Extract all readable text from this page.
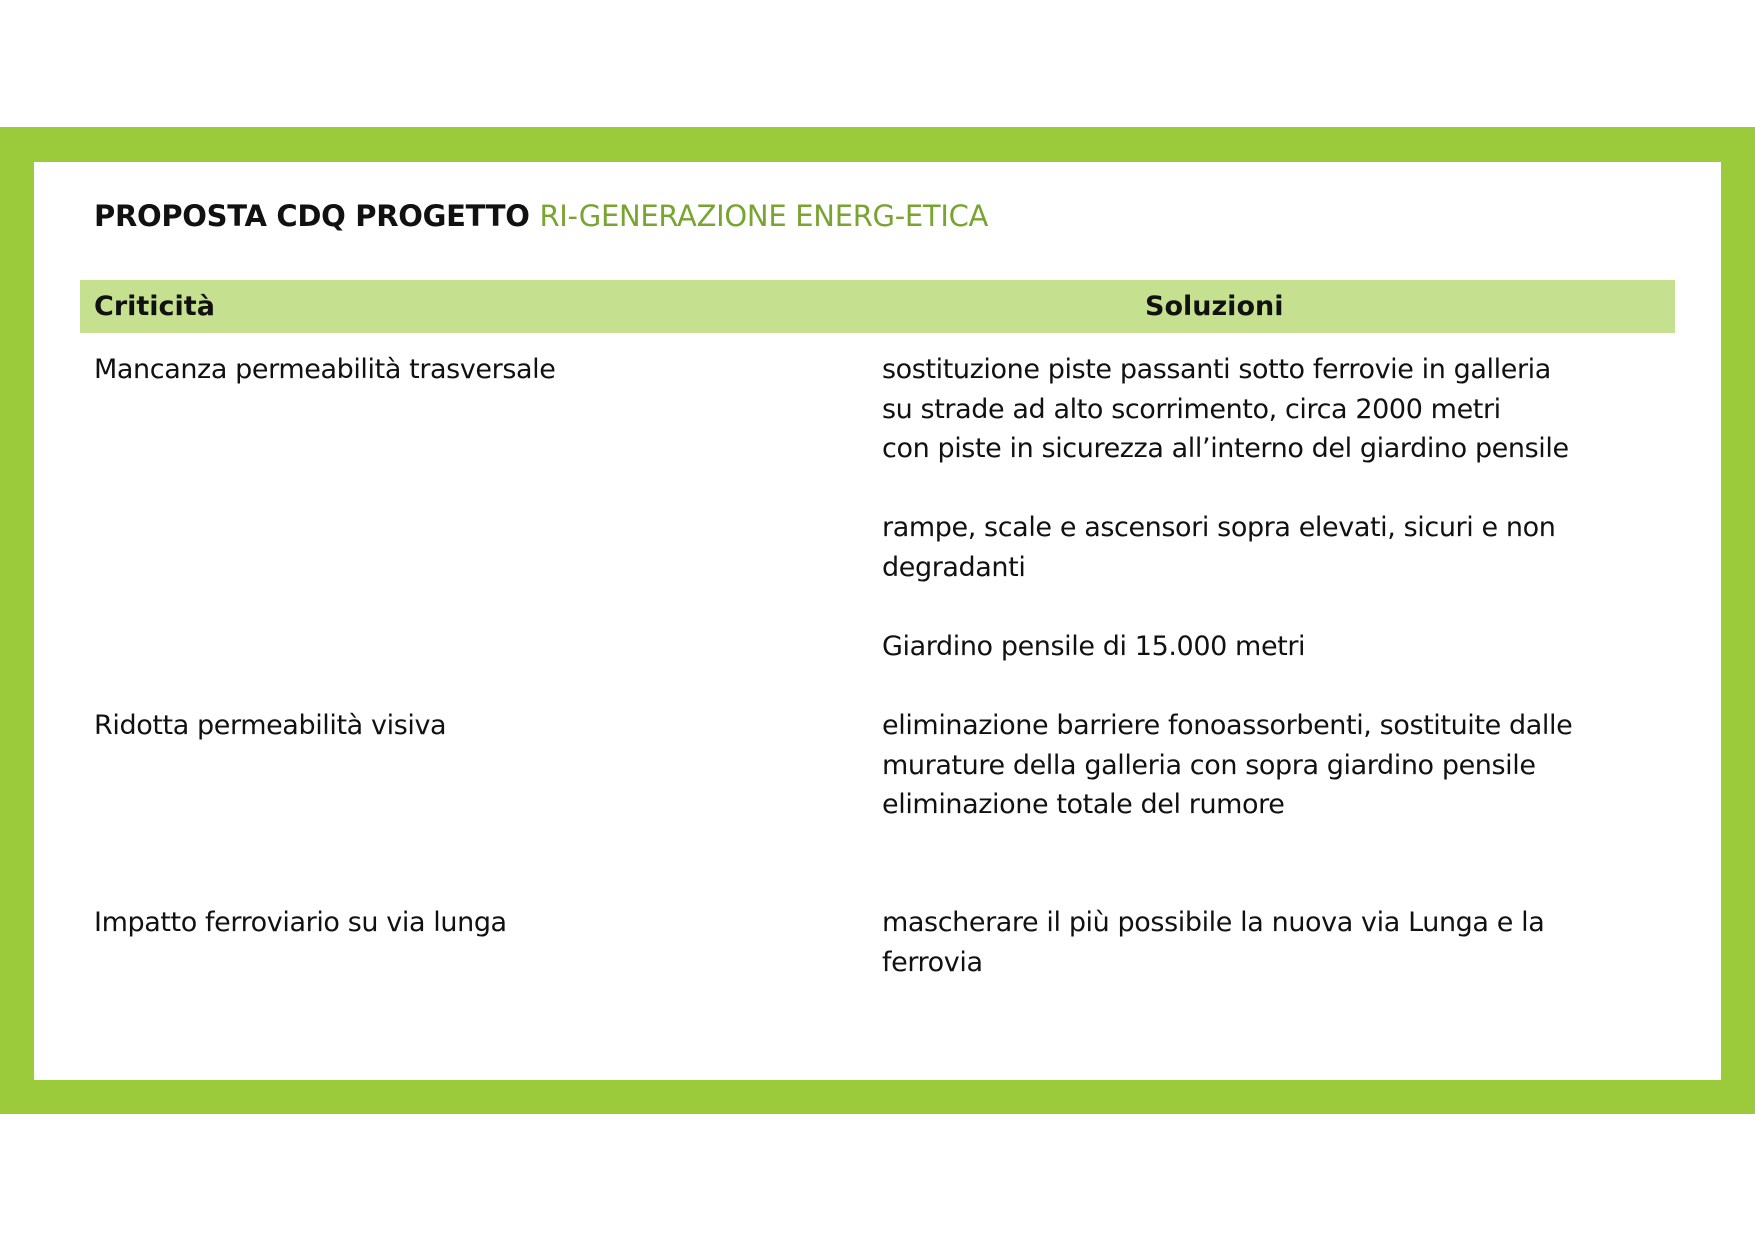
PROPOSTA CDQ PROGETTO RI-GENERAZIONE ENERG-ETICA
Criticità	Soluzioni
Mancanza permeabilità trasversale	sostituzione piste passanti sotto ferrovie in galleria
su strade ad alto scorrimento, circa 2000 metri
con piste in sicurezza all’interno del giardino pensile
rampe, scale e ascensori sopra elevati, sicuri e non
degradanti
Giardino pensile di 15.000 metri
Ridotta permeabilità visiva	eliminazione barriere fonoassorbenti, sostituite dalle
murature della galleria con sopra giardino pensile
eliminazione totale del rumore
Impatto ferroviario su via lunga	mascherare il più possibile la nuova via Lunga e la
ferrovia
